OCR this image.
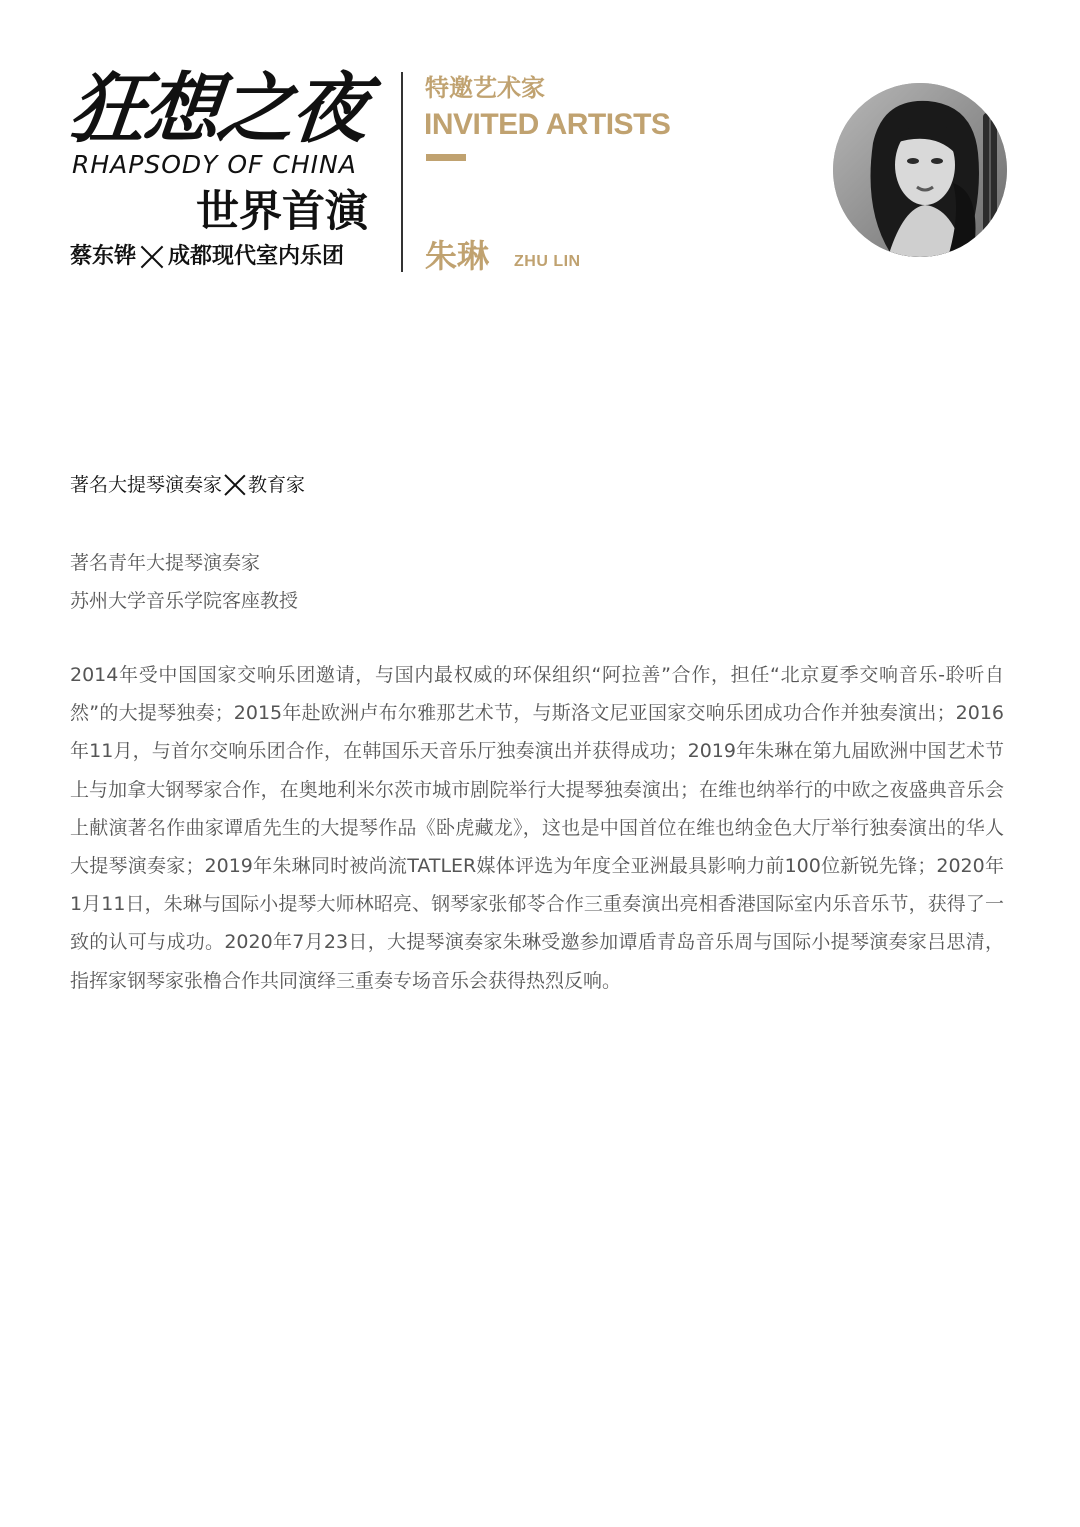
狂想之夜
RHAPSODY OF CHINA
世界首演
蔡东铧 成都现代室内乐团
特邀艺术家
INVITED ARTISTS
朱琳 ZHU LIN
著名大提琴演奏家 教育家
著名青年大提琴演奏家
苏州大学音乐学院客座教授
2014年受中国国家交响乐团邀请，与国内最权威的环保组织“阿拉善”合作，担任“北京夏季交响音乐-聆听自然”的大提琴独奏；2015年赴欧洲卢布尔雅那艺术节，与斯洛文尼亚国家交响乐团成功合作并独奏演出；2016年11月，与首尔交响乐团合作，在韩国乐天音乐厅独奏演出并获得成功；2019年朱琳在第九届欧洲中国艺术节上与加拿大钢琴家合作，在奥地利米尔茨市城市剧院举行大提琴独奏演出；在维也纳举行的中欧之夜盛典音乐会上献演著名作曲家谭盾先生的大提琴作品《卧虎藏龙》，这也是中国首位在维也纳金色大厅举行独奏演出的华人大提琴演奏家；2019年朱琳同时被尚流TATLER媒体评选为年度全亚洲最具影响力前100位新锐先锋；2020年1月11日，朱琳与国际小提琴大师林昭亮、钢琴家张郁苓合作三重奏演出亮相香港国际室内乐音乐节，获得了一致的认可与成功。2020年7月23日，大提琴演奏家朱琳受邀参加谭盾青岛音乐周与国际小提琴演奏家吕思清，指挥家钢琴家张橹合作共同演绎三重奏专场音乐会获得热烈反响。
